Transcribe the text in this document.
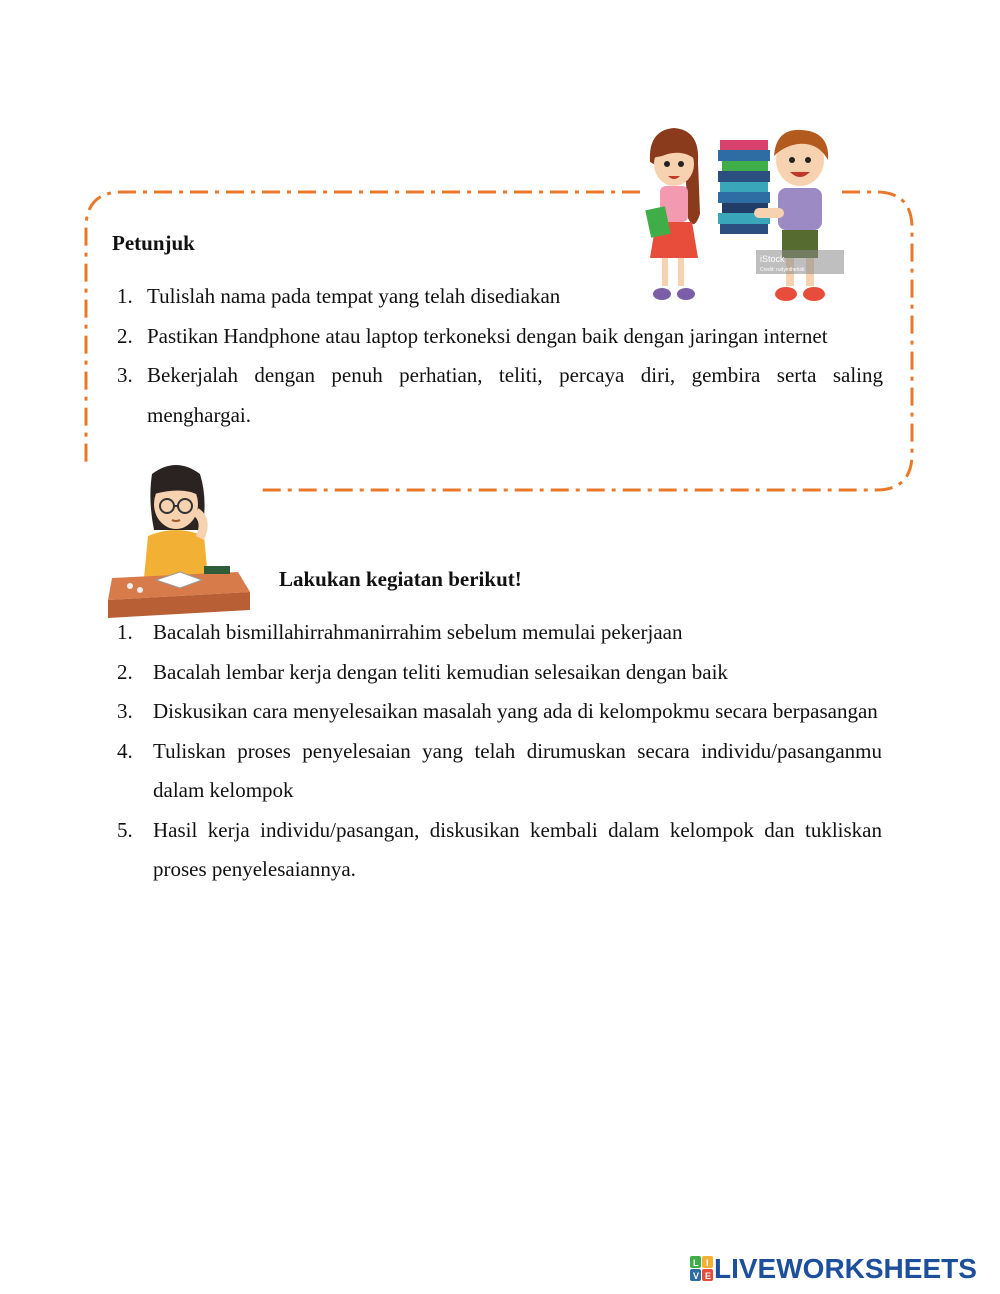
iStock
Credit: rudyinthehidi
Petunjuk
1. Tulislah nama pada tempat yang telah disediakan
2. Pastikan Handphone atau laptop terkoneksi dengan baik dengan jaringan internet
3. Bekerjalah dengan penuh perhatian, teliti, percaya diri, gembira serta saling menghargai.
Lakukan kegiatan berikut!
1. Bacalah bismillahirrahmanirrahim sebelum memulai pekerjaan
2. Bacalah lembar kerja dengan teliti kemudian selesaikan dengan baik
3. Diskusikan cara menyelesaikan masalah yang ada di kelompokmu secara berpasangan
4. Tuliskan proses penyelesaian yang telah dirumuskan secara individu/pasanganmu dalam kelompok
5. Hasil kerja individu/pasangan, diskusikan kembali dalam kelompok dan tukliskan proses penyelesaiannya.
L I
V E LIVEWORKSHEETS
